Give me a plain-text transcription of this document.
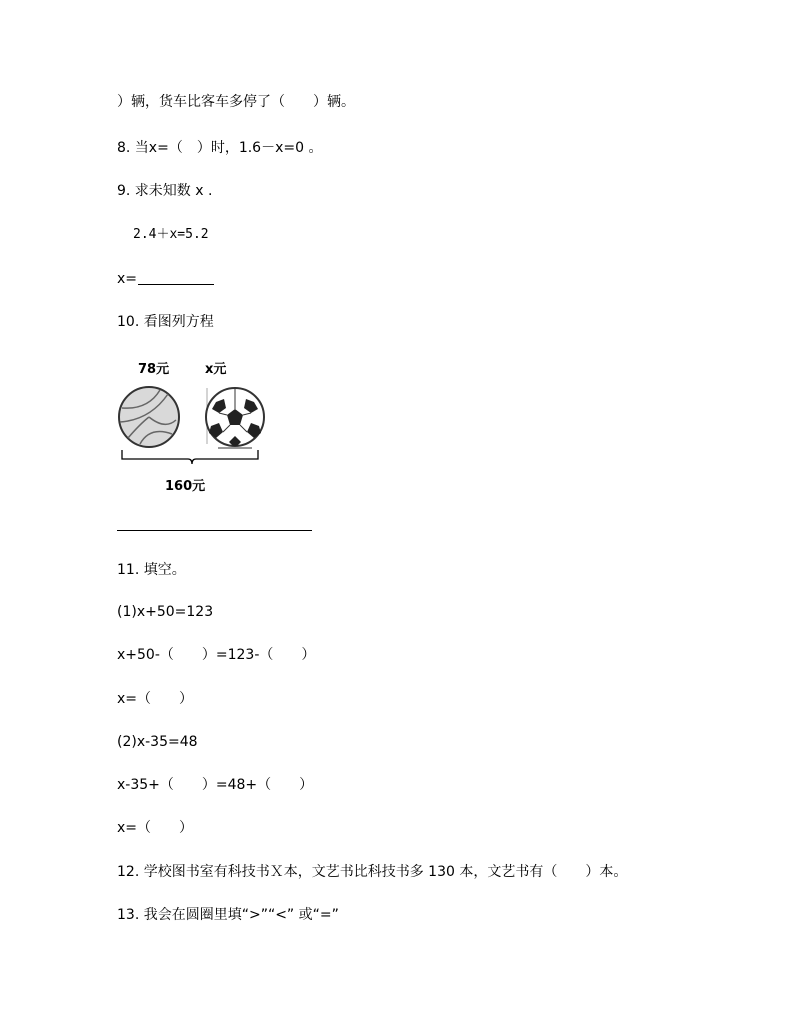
）辆，货车比客车多停了（　　）辆。
8. 当x=（　）时，1.6－x=0 。
9. 求未知数 x .
2.4＋x=5.2
x=
10. 看图列方程
78元	x元
160元
11. 填空。
(1)x+50=123
x+50-（　　）=123-（　　）
x=（　　）
(2)x-35=48
x-35+（　　）=48+（　　）
x=（　　）
12. 学校图书室有科技书Ｘ本，文艺书比科技书多 130 本，文艺书有（　　）本。
13. 我会在圆圈里填“>”“<” 或“=”
